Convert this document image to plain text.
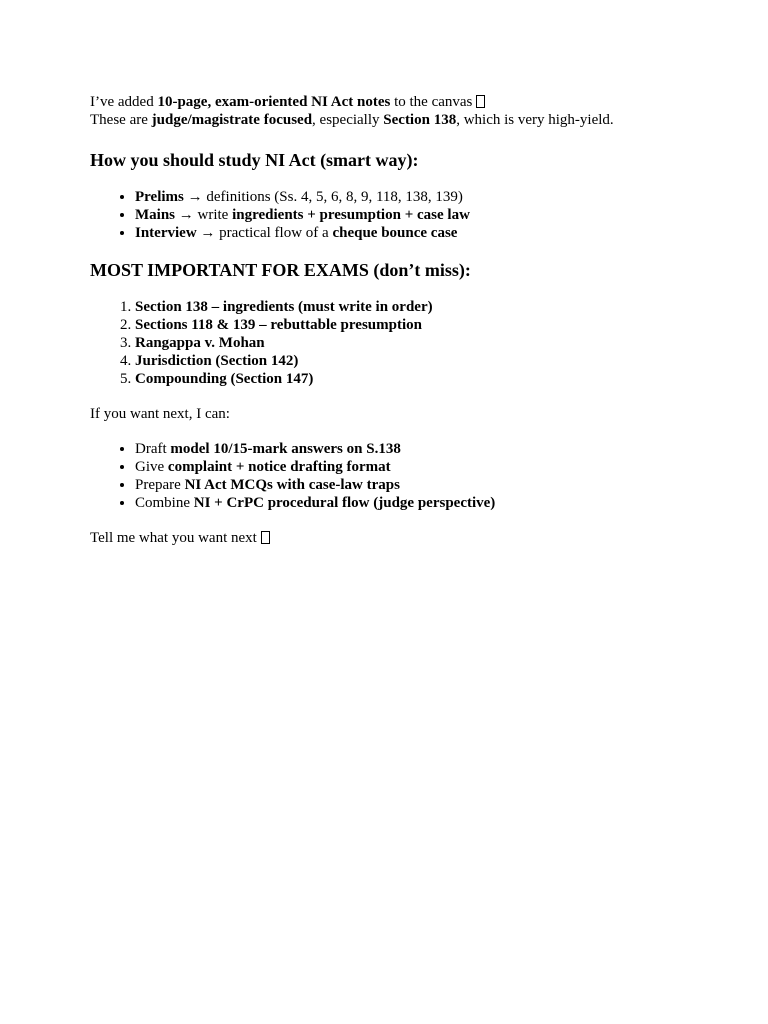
I’ve added 10-page, exam-oriented NI Act notes to the canvas

These are judge/magistrate focused, especially Section 138, which is very high-yield.

How you should study NI Act (smart way):
• Prelims → definitions (Ss. 4, 5, 6, 8, 9, 118, 138, 139)
• Mains → write ingredients + presumption + case law
• Interview → practical flow of a cheque bounce case
MOST IMPORTANT FOR EXAMS (don’t miss):
1. Section 138 – ingredients (must write in order)
2. Sections 118 & 139 – rebuttable presumption
3. Rangappa v. Mohan
4. Jurisdiction (Section 142)
5. Compounding (Section 147)

If you want next, I can:

• Draft model 10/15-mark answers on S.138
• Give complaint + notice drafting format
• Prepare NI Act MCQs with case-law traps
• Combine NI + CrPC procedural flow (judge perspective)

Tell me what you want next
